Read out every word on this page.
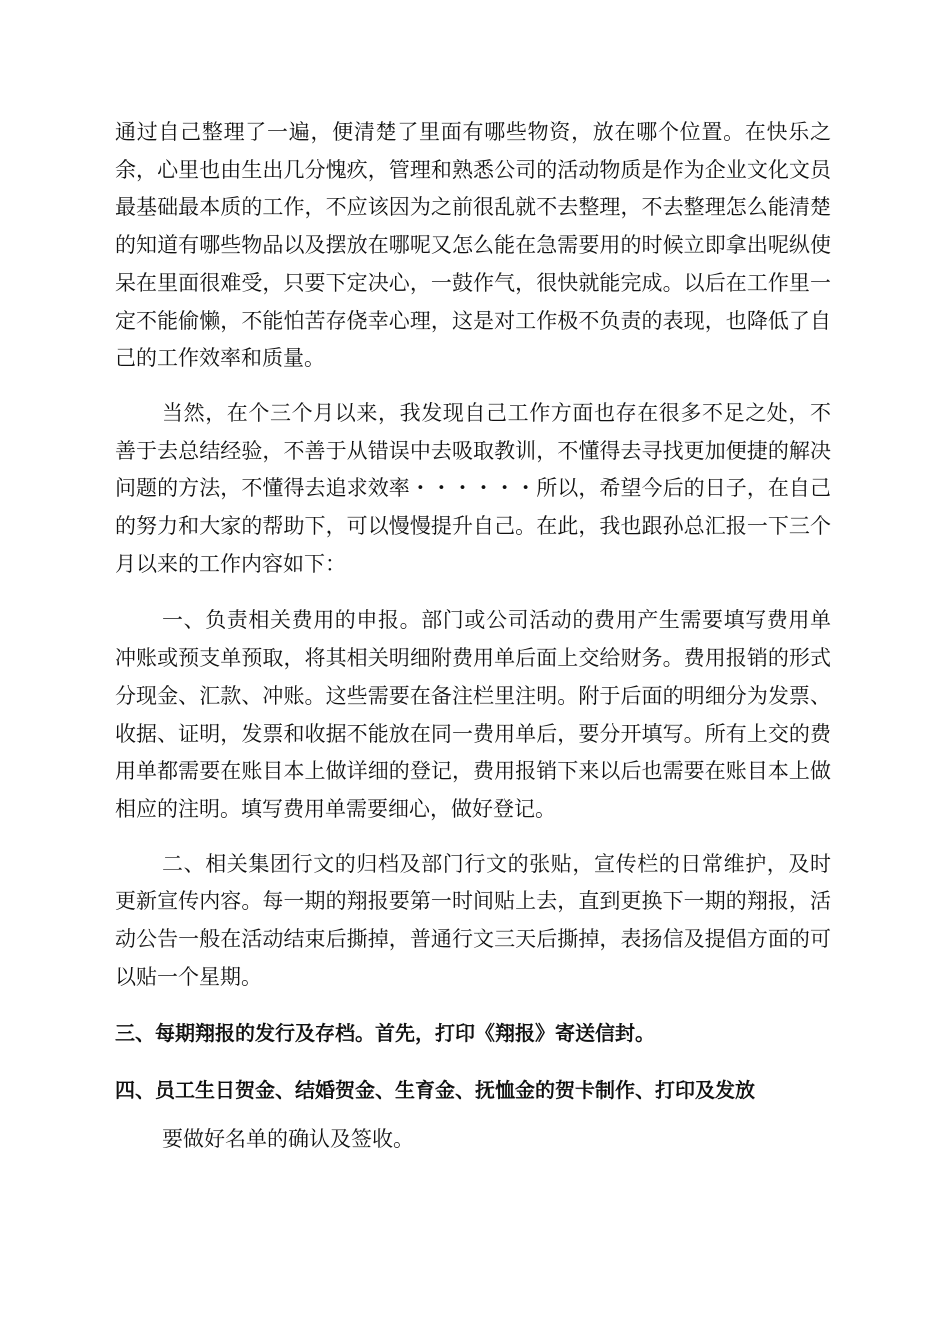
通过自己整理了一遍，便清楚了里面有哪些物资，放在哪个位置。在快乐之余，心里也由生出几分愧疚，管理和熟悉公司的活动物质是作为企业文化文员最基础最本质的工作，不应该因为之前很乱就不去整理，不去整理怎么能清楚的知道有哪些物品以及摆放在哪呢又怎么能在急需要用的时候立即拿出呢纵使呆在里面很难受，只要下定决心，一鼓作气，很快就能完成。以后在工作里一定不能偷懒，不能怕苦存侥幸心理，这是对工作极不负责的表现，也降低了自己的工作效率和质量。

当然，在个三个月以来，我发现自己工作方面也存在很多不足之处，不善于去总结经验，不善于从错误中去吸取教训，不懂得去寻找更加便捷的解决问题的方法，不懂得去追求效率・・・・・・所以，希望今后的日子，在自己的努力和大家的帮助下，可以慢慢提升自己。在此，我也跟孙总汇报一下三个月以来的工作内容如下：

一、负责相关费用的申报。部门或公司活动的费用产生需要填写费用单冲账或预支单预取，将其相关明细附费用单后面上交给财务。费用报销的形式分现金、汇款、冲账。这些需要在备注栏里注明。附于后面的明细分为发票、收据、证明，发票和收据不能放在同一费用单后，要分开填写。所有上交的费用单都需要在账目本上做详细的登记，费用报销下来以后也需要在账目本上做相应的注明。填写费用单需要细心，做好登记。

二、相关集团行文的归档及部门行文的张贴，宣传栏的日常维护，及时更新宣传内容。每一期的翔报要第一时间贴上去，直到更换下一期的翔报，活动公告一般在活动结束后撕掉，普通行文三天后撕掉，表扬信及提倡方面的可以贴一个星期。

三、每期翔报的发行及存档。首先，打印《翔报》寄送信封。

四、员工生日贺金、结婚贺金、生育金、抚恤金的贺卡制作、打印及发放

要做好名单的确认及签收。
